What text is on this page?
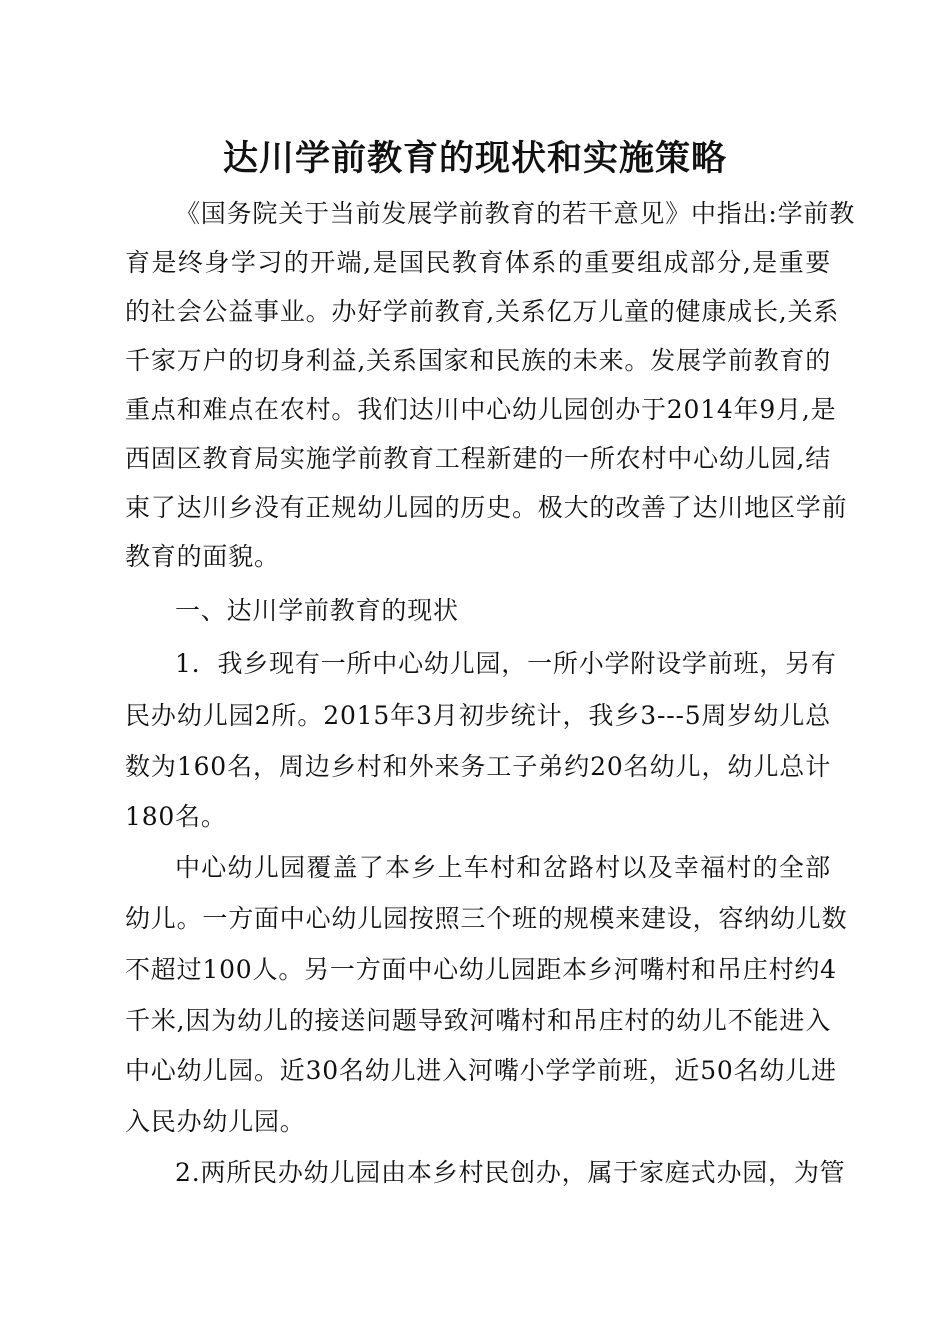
达川学前教育的现状和实施策略

《国务院关于当前发展学前教育的若干意见》中指出:学前教

育是终身学习的开端,是国民教育体系的重要组成部分,是重要

的社会公益事业。办好学前教育,关系亿万儿童的健康成长,关系

千家万户的切身利益,关系国家和民族的未来。发展学前教育的

重点和难点在农村。我们达川中心幼儿园创办于2014年9月,是

西固区教育局实施学前教育工程新建的一所农村中心幼儿园,结

束了达川乡没有正规幼儿园的历史。极大的改善了达川地区学前

教育的面貌。

一、达川学前教育的现状

1．我乡现有一所中心幼儿园，一所小学附设学前班，另有

民办幼儿园2所。2015年3月初步统计，我乡3---5周岁幼儿总

数为160名，周边乡村和外来务工子弟约20名幼儿，幼儿总计

180名。

中心幼儿园覆盖了本乡上车村和岔路村以及幸福村的全部

幼儿。一方面中心幼儿园按照三个班的规模来建设，容纳幼儿数

不超过100人。另一方面中心幼儿园距本乡河嘴村和吊庄村约4

千米,因为幼儿的接送问题导致河嘴村和吊庄村的幼儿不能进入

中心幼儿园。近30名幼儿进入河嘴小学学前班，近50名幼儿进

入民办幼儿园。

2.两所民办幼儿园由本乡村民创办，属于家庭式办园，为管
